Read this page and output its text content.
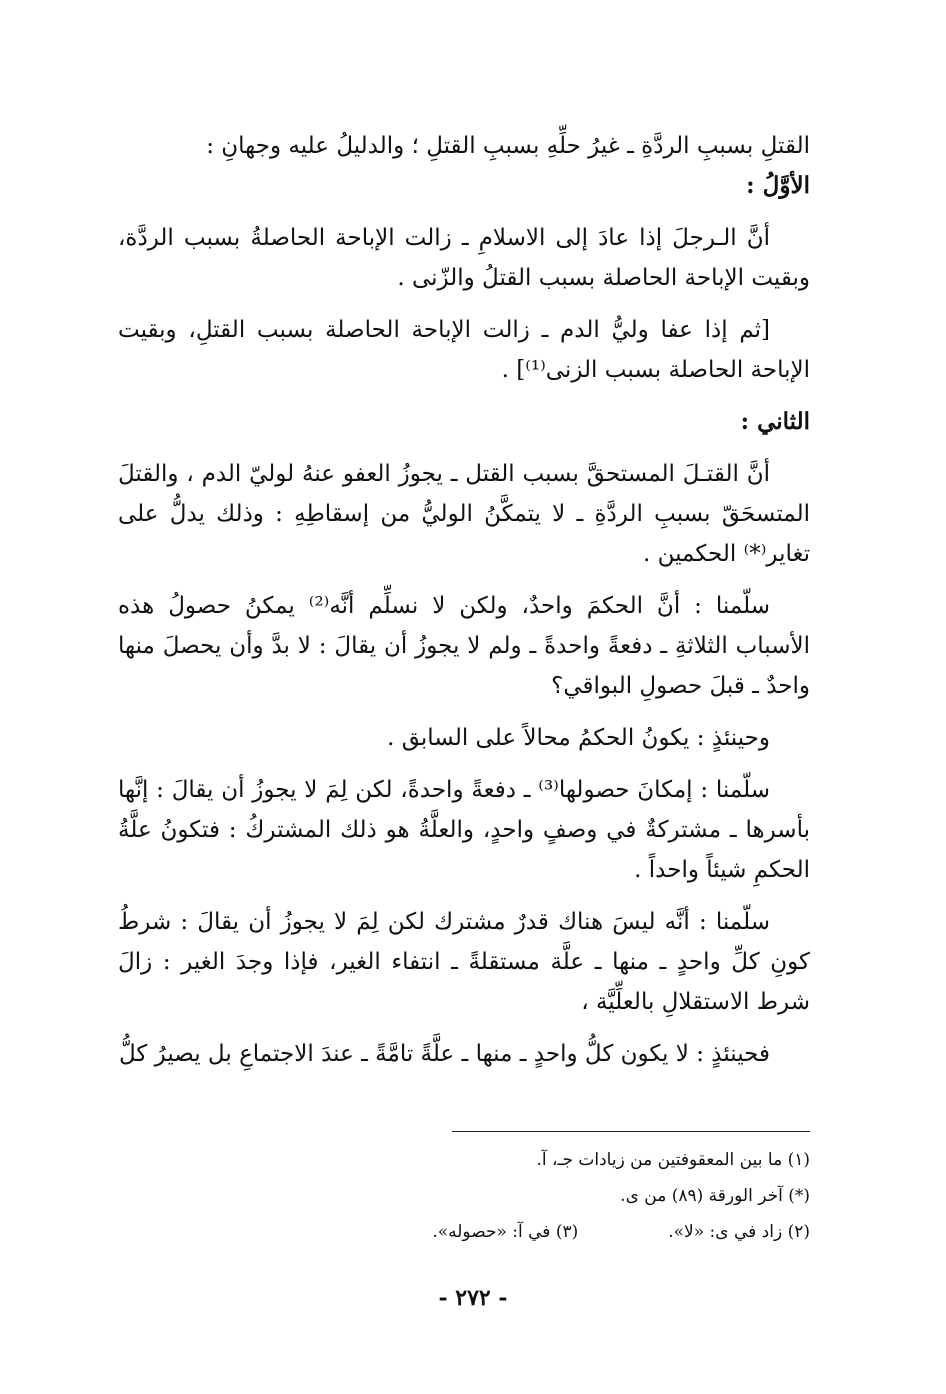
القتلِ بسببِ الردَّةِ ـ غيرُ حلِّهِ بسببِ القتلِ ؛ والدليلُ عليه وجهانِ :

الأوَّلُ :

أنَّ الـرجلَ إذا عادَ إلى الاسلامِ ـ زالت الإباحة الحاصلةُ بسبب الردَّة، وبقيت الإباحة الحاصلة بسبب القتلُ والزّنى .

[ثم إذا عفا وليُّ الدم ـ زالت الإباحة الحاصلة بسبب القتلِ، وبقيت الإباحة الحاصلة بسبب الزنى⁽¹⁾] .

الثاني :

أنَّ القتـلَ المستحقَّ بسبب القتل ـ يجوزُ العفو عنهُ لوليّ الدم ، والقتلَ المتسحَقّ بسببِ الردَّةِ ـ لا يتمكَّنُ الوليُّ من إسقاطِهِ : وذلك يدلُّ على تغاير⁽*⁾ الحكمين .

سلّمنا : أنَّ الحكمَ واحدٌ، ولكن لا نسلِّم أنَّه⁽²⁾ يمكنُ حصولُ هذه الأسباب الثلاثةِ ـ دفعةً واحدةً ـ ولم لا يجوزُ أن يقالَ : لا بدَّ وأن يحصلَ منها واحدٌ ـ قبلَ حصولِ البواقي؟

وحينئذٍ : يكونُ الحكمُ محالاً على السابق .

سلّمنا : إمكانَ حصولها⁽³⁾ ـ دفعةً واحدةً، لكن لِمَ لا يجوزُ أن يقالَ : إنَّها بأسرها ـ مشتركةٌ في وصفٍ واحدٍ، والعلَّةُ هو ذلك المشتركُ : فتكونُ علَّةُ الحكمِ شيئاً واحداً .

سلّمنا : أنَّه ليسَ هناك قدرٌ مشترك لكن لِمَ لا يجوزُ أن يقالَ : شرطُ كونِ كلِّ واحدٍ ـ منها ـ علَّة مستقلةً ـ انتفاء الغير، فإذا وجدَ الغير : زالَ شرط الاستقلالِ بالعلِّيَّة ،

فحينئذٍ : لا يكون كلُّ واحدٍ ـ منها ـ علَّةً تامَّةً ـ عندَ الاجتماعِ بل يصيرُ كلُّ

(١) ما بين المعقوفتين من زيادات جـ، آ.
(*) آخر الورقة (٨٩) من ى.
(٢) زاد في ى: «لا».
(٣) في آ: «حصوله».
- ٢٧٢ -
